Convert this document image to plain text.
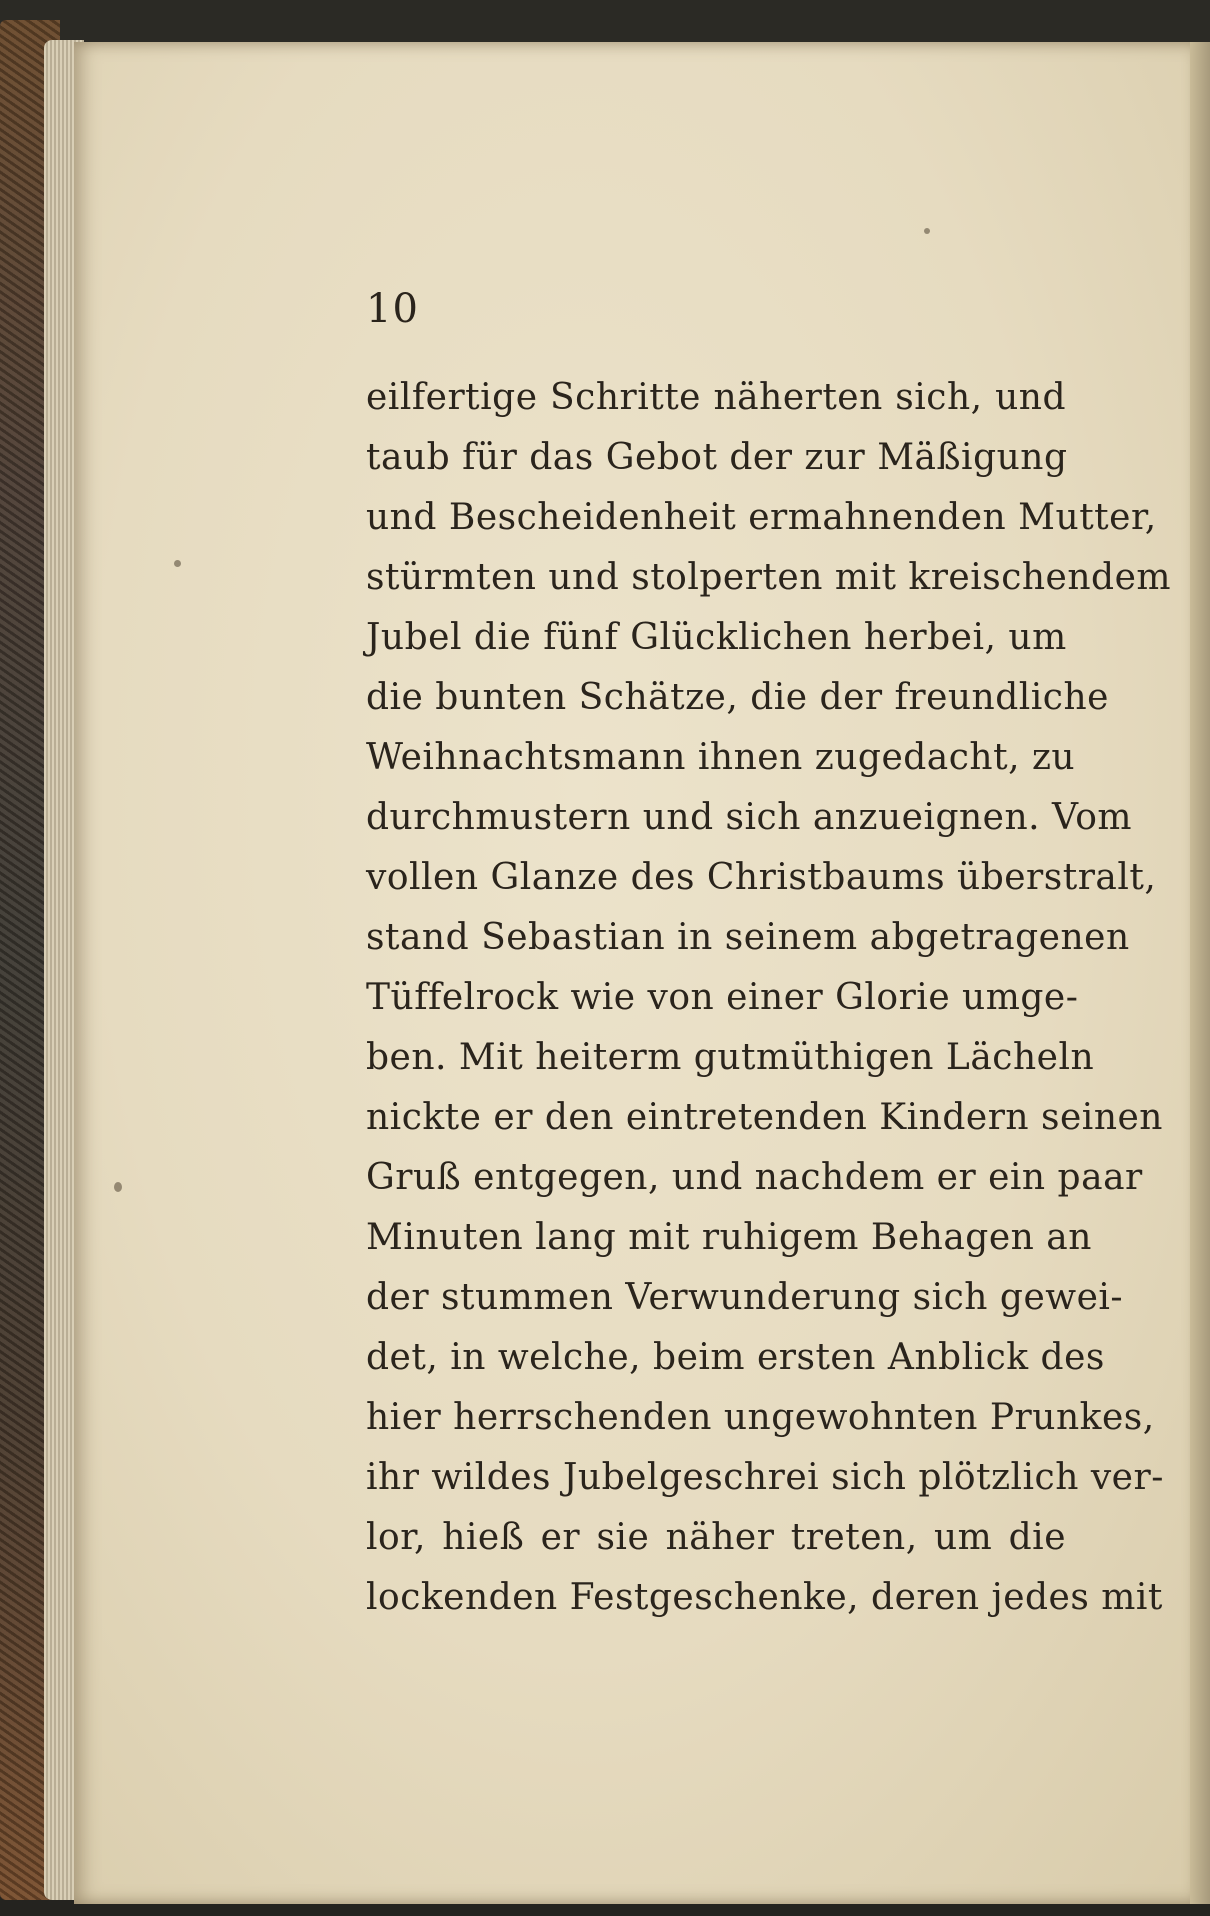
10
eilfertige Schritte näherten sich, und
taub für das Gebot der zur Mäßigung
und Bescheidenheit ermahnenden Mutter,
stürmten und stolperten mit kreischendem
Jubel die fünf Glücklichen herbei, um
die bunten Schätze, die der freundliche
Weihnachtsmann ihnen zugedacht, zu
durchmustern und sich anzueignen. Vom
vollen Glanze des Christbaums überstralt,
stand Sebastian in seinem abgetragenen
Tüffelrock wie von einer Glorie umge-
ben. Mit heiterm gutmüthigen Lächeln
nickte er den eintretenden Kindern seinen
Gruß entgegen, und nachdem er ein paar
Minuten lang mit ruhigem Behagen an
der stummen Verwunderung sich gewei-
det, in welche, beim ersten Anblick des
hier herrschenden ungewohnten Prunkes,
ihr wildes Jubelgeschrei sich plötzlich ver-
lor, hieß er sie näher treten, um die
lockenden Festgeschenke, deren jedes mit
